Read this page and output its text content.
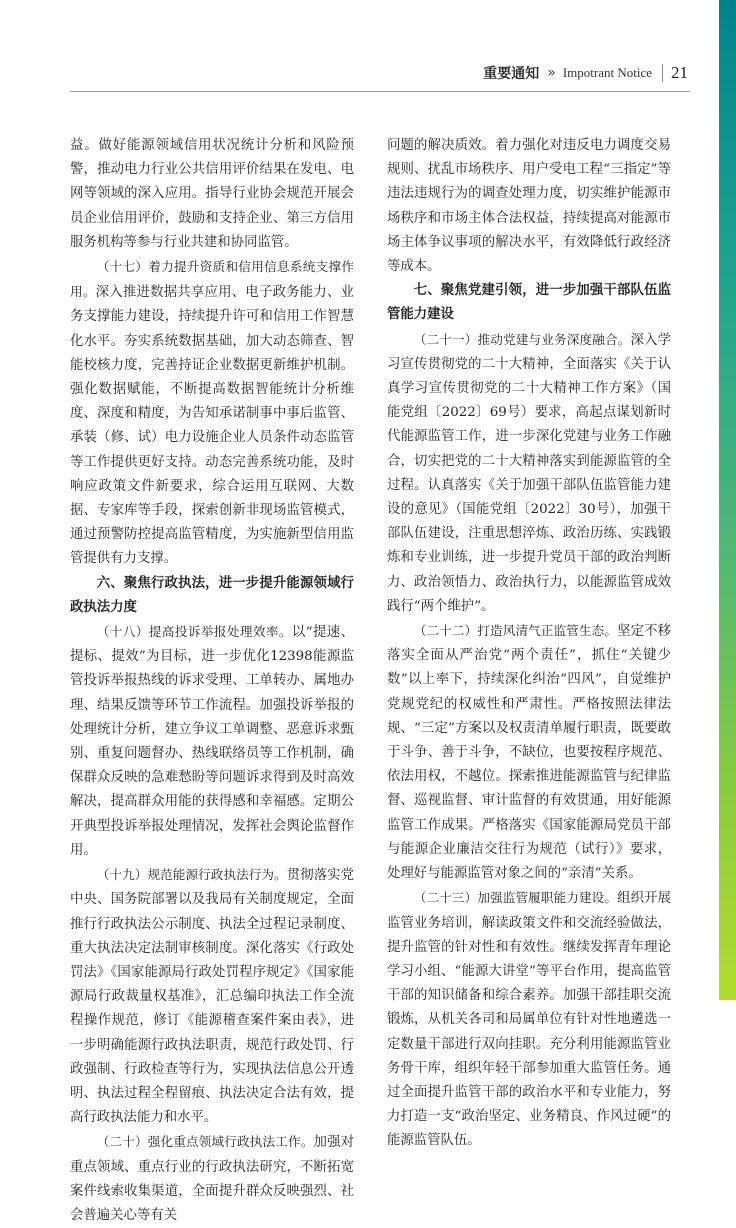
重要通知 » Impotrant Notice	21

益。做好能源领域信用状况统计分析和风险预警，推动电力行业公共信用评价结果在发电、电网等领域的深入应用。指导行业协会规范开展会员企业信用评价，鼓励和支持企业、第三方信用服务机构等参与行业共建和协同监管。

（十七）着力提升资质和信用信息系统支撑作用。深入推进数据共享应用、电子政务能力、业务支撑能力建设，持续提升许可和信用工作智慧化水平。夯实系统数据基础，加大动态筛查、智能校核力度，完善持证企业数据更新维护机制。强化数据赋能，不断提高数据智能统计分析维度、深度和精度，为告知承诺制事中事后监管、承装（修、试）电力设施企业人员条件动态监管等工作提供更好支持。动态完善系统功能，及时响应政策文件新要求，综合运用互联网、大数据、专家库等手段，探索创新非现场监管模式，通过预警防控提高监管精度，为实施新型信用监管提供有力支撑。

六、聚焦行政执法，进一步提升能源领域行政执法力度

（十八）提高投诉举报处理效率。以“提速、提标、提效”为目标，进一步优化12398能源监管投诉举报热线的诉求受理、工单转办、属地办理、结果反馈等环节工作流程。加强投诉举报的处理统计分析，建立争议工单调整、恶意诉求甄别、重复问题督办、热线联络员等工作机制，确保群众反映的急难愁盼等问题诉求得到及时高效解决，提高群众用能的获得感和幸福感。定期公开典型投诉举报处理情况，发挥社会舆论监督作用。

（十九）规范能源行政执法行为。贯彻落实党中央、国务院部署以及我局有关制度规定，全面推行行政执法公示制度、执法全过程记录制度、重大执法决定法制审核制度。深化落实《行政处罚法》《国家能源局行政处罚程序规定》《国家能源局行政裁量权基准》，汇总编印执法工作全流程操作规范，修订《能源稽查案件案由表》，进一步明确能源行政执法职责，规范行政处罚、行政强制、行政检查等行为，实现执法信息公开透明、执法过程全程留痕、执法决定合法有效，提高行政执法能力和水平。

（二十）强化重点领域行政执法工作。加强对重点领域、重点行业的行政执法研究，不断拓宽案件线索收集渠道，全面提升群众反映强烈、社会普遍关心等有关

问题的解决质效。着力强化对违反电力调度交易规则、扰乱市场秩序、用户受电工程“三指定”等违法违规行为的调查处理力度，切实维护能源市场秩序和市场主体合法权益，持续提高对能源市场主体争议事项的解决水平，有效降低行政经济等成本。

七、聚焦党建引领，进一步加强干部队伍监管能力建设

（二十一）推动党建与业务深度融合。深入学习宣传贯彻党的二十大精神，全面落实《关于认真学习宣传贯彻党的二十大精神工作方案》（国能党组〔2022〕69号）要求，高起点谋划新时代能源监管工作，进一步深化党建与业务工作融合，切实把党的二十大精神落实到能源监管的全过程。认真落实《关于加强干部队伍监管能力建设的意见》（国能党组〔2022〕30号），加强干部队伍建设，注重思想淬炼、政治历练、实践锻炼和专业训练，进一步提升党员干部的政治判断力、政治领悟力、政治执行力，以能源监管成效践行“两个维护”。

（二十二）打造风清气正监管生态。坚定不移落实全面从严治党“两个责任”，抓住“关键少数”以上率下，持续深化纠治“四风”，自觉维护党规党纪的权威性和严肃性。严格按照法律法规、“三定”方案以及权责清单履行职责，既要敢于斗争、善于斗争，不缺位，也要按程序规范、依法用权，不越位。探索推进能源监管与纪律监督、巡视监督、审计监督的有效贯通，用好能源监管工作成果。严格落实《国家能源局党员干部与能源企业廉洁交往行为规范（试行）》要求，处理好与能源监管对象之间的“亲清”关系。

（二十三）加强监管履职能力建设。组织开展监管业务培训，解读政策文件和交流经验做法，提升监管的针对性和有效性。继续发挥青年理论学习小组、“能源大讲堂”等平台作用，提高监管干部的知识储备和综合素养。加强干部挂职交流锻炼，从机关各司和局属单位有针对性地遴选一定数量干部进行双向挂职。充分利用能源监管业务骨干库，组织年轻干部参加重大监管任务。通过全面提升监管干部的政治水平和专业能力，努力打造一支“政治坚定、业务精良、作风过硬”的能源监管队伍。
